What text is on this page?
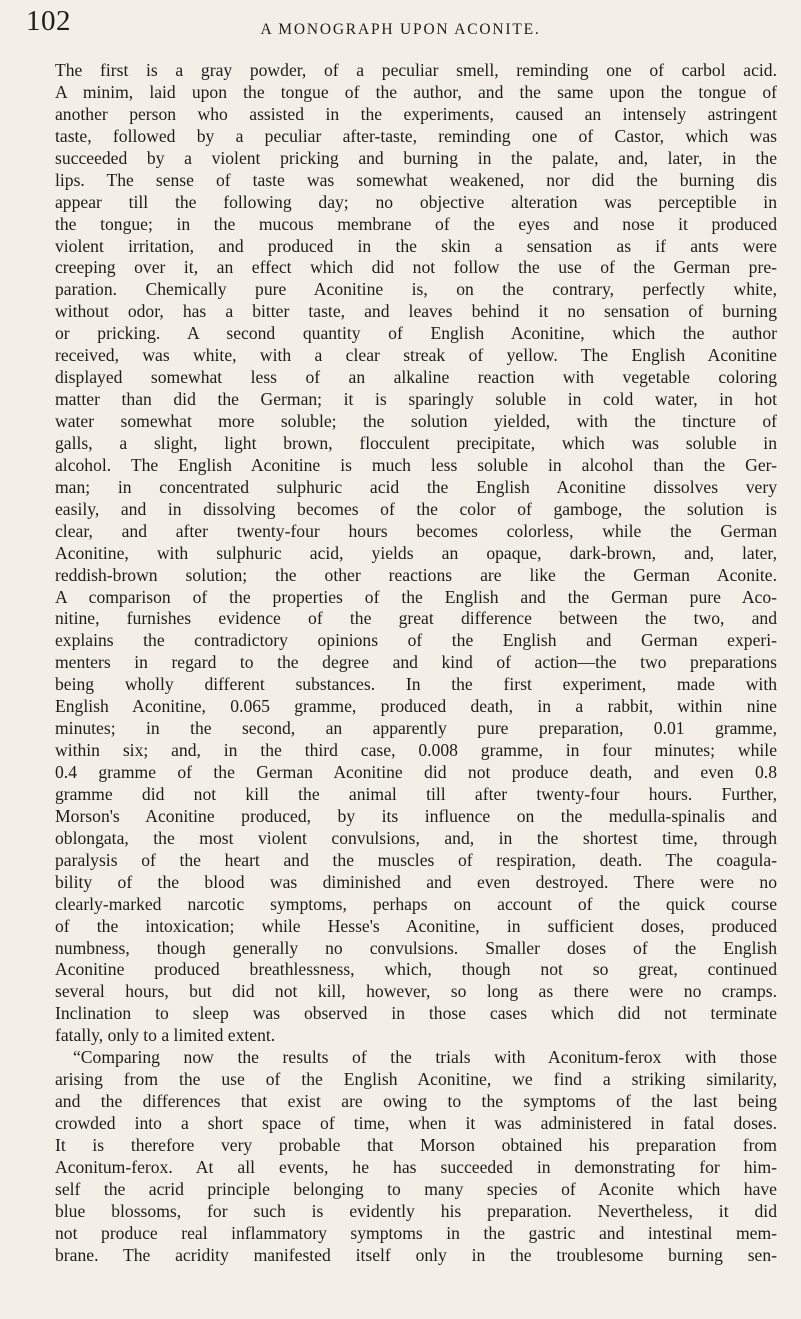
102	A MONOGRAPH UPON ACONITE.
The first is a gray powder, of a peculiar smell, reminding one of carbol acid.
A minim, laid upon the tongue of the author, and the same upon the tongue of
another person who assisted in the experiments, caused an intensely astringent
taste, followed by a peculiar after-taste, reminding one of Castor, which was
succeeded by a violent pricking and burning in the palate, and, later, in the
lips. The sense of taste was somewhat weakened, nor did the burning dis
appear till the following day; no objective alteration was perceptible in
the tongue; in the mucous membrane of the eyes and nose it produced
violent irritation, and produced in the skin a sensation as if ants were
creeping over it, an effect which did not follow the use of the German pre-
paration. Chemically pure Aconitine is, on the contrary, perfectly white,
without odor, has a bitter taste, and leaves behind it no sensation of burning
or pricking. A second quantity of English Aconitine, which the author
received, was white, with a clear streak of yellow. The English Aconitine
displayed somewhat less of an alkaline reaction with vegetable coloring
matter than did the German; it is sparingly soluble in cold water, in hot
water somewhat more soluble; the solution yielded, with the tincture of
galls, a slight, light brown, flocculent precipitate, which was soluble in
alcohol. The English Aconitine is much less soluble in alcohol than the Ger-
man; in concentrated sulphuric acid the English Aconitine dissolves very
easily, and in dissolving becomes of the color of gamboge, the solution is
clear, and after twenty-four hours becomes colorless, while the German
Aconitine, with sulphuric acid, yields an opaque, dark-brown, and, later,
reddish-brown solution; the other reactions are like the German Aconite.
A comparison of the properties of the English and the German pure Aco-
nitine, furnishes evidence of the great difference between the two, and
explains the contradictory opinions of the English and German experi-
menters in regard to the degree and kind of action—the two preparations
being wholly different substances. In the first experiment, made with
English Aconitine, 0.065 gramme, produced death, in a rabbit, within nine
minutes; in the second, an apparently pure preparation, 0.01 gramme,
within six; and, in the third case, 0.008 gramme, in four minutes; while
0.4 gramme of the German Aconitine did not produce death, and even 0.8
gramme did not kill the animal till after twenty-four hours. Further,
Morson's Aconitine produced, by its influence on the medulla-spinalis and
oblongata, the most violent convulsions, and, in the shortest time, through
paralysis of the heart and the muscles of respiration, death. The coagula-
bility of the blood was diminished and even destroyed. There were no
clearly-marked narcotic symptoms, perhaps on account of the quick course
of the intoxication; while Hesse's Aconitine, in sufficient doses, produced
numbness, though generally no convulsions. Smaller doses of the English
Aconitine produced breathlessness, which, though not so great, continued
several hours, but did not kill, however, so long as there were no cramps.
Inclination to sleep was observed in those cases which did not terminate
fatally, only to a limited extent.
“Comparing now the results of the trials with Aconitum-ferox with those
arising from the use of the English Aconitine, we find a striking similarity,
and the differences that exist are owing to the symptoms of the last being
crowded into a short space of time, when it was administered in fatal doses.
It is therefore very probable that Morson obtained his preparation from
Aconitum-ferox. At all events, he has succeeded in demonstrating for him-
self the acrid principle belonging to many species of Aconite which have
blue blossoms, for such is evidently his preparation. Nevertheless, it did
not produce real inflammatory symptoms in the gastric and intestinal mem-
brane. The acridity manifested itself only in the troublesome burning sen-
